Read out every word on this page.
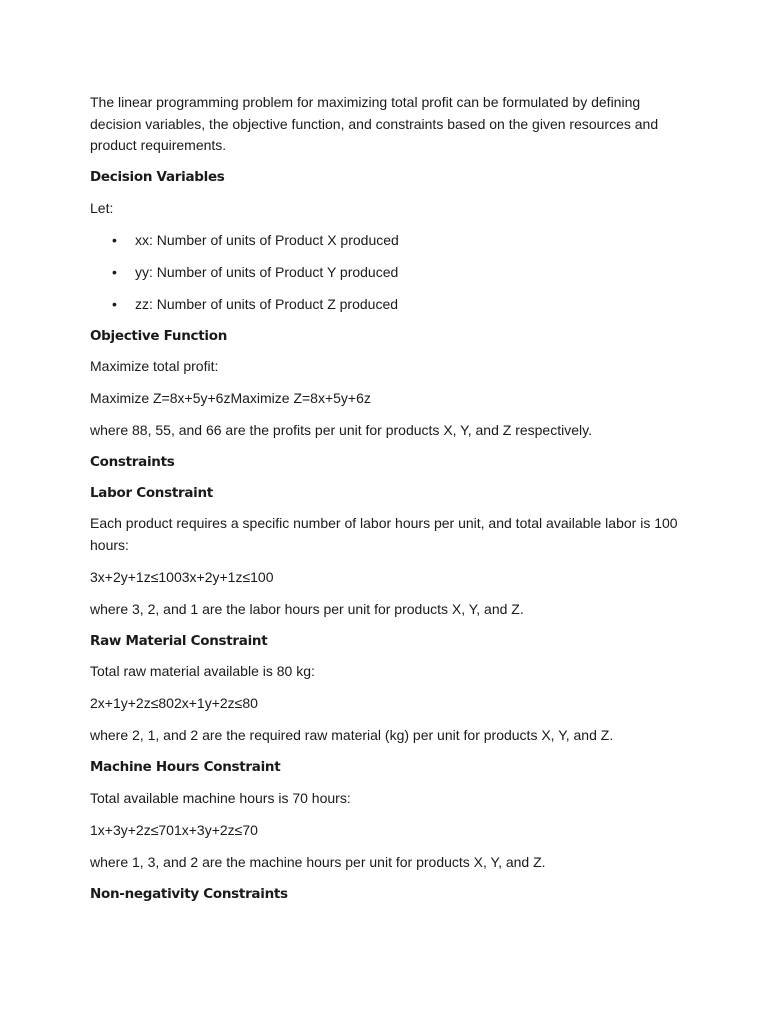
The linear programming problem for maximizing total profit can be formulated by defining decision variables, the objective function, and constraints based on the given resources and product requirements.

Decision Variables

Let:

• xx: Number of units of Product X produced
• yy: Number of units of Product Y produced
• zz: Number of units of Product Z produced
Objective Function

Maximize total profit:

Maximize Z=8x+5y+6zMaximize Z=8x+5y+6z

where 88, 55, and 66 are the profits per unit for products X, Y, and Z respectively.

Constraints
Labor Constraint

Each product requires a specific number of labor hours per unit, and total available labor is 100 hours:

3x+2y+1z≤1003x+2y+1z≤100

where 3, 2, and 1 are the labor hours per unit for products X, Y, and Z.

Raw Material Constraint

Total raw material available is 80 kg:

2x+1y+2z≤802x+1y+2z≤80

where 2, 1, and 2 are the required raw material (kg) per unit for products X, Y, and Z.

Machine Hours Constraint

Total available machine hours is 70 hours:

1x+3y+2z≤701x+3y+2z≤70

where 1, 3, and 2 are the machine hours per unit for products X, Y, and Z.

Non-negativity Constraints
